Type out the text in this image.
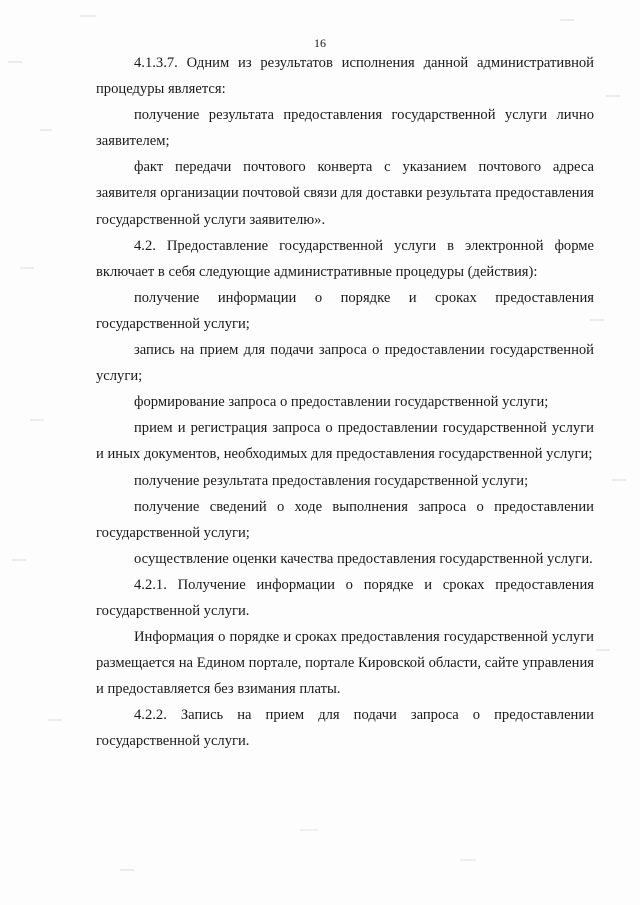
16

4.1.3.7. Одним из результатов исполнения данной административной процедуры является:

получение результата предоставления государственной услуги лично заявителем;

факт передачи почтового конверта с указанием почтового адреса заявителя организации почтовой связи для доставки результата предоставления государственной услуги заявителю».

4.2. Предоставление государственной услуги в электронной форме включает в себя следующие административные процедуры (действия):

получение информации о порядке и сроках предоставления государственной услуги;

запись на прием для подачи запроса о предоставлении государственной услуги;

формирование запроса о предоставлении государственной услуги;

прием и регистрация запроса о предоставлении государственной услуги и иных документов, необходимых для предоставления государственной услуги;

получение результата предоставления государственной услуги;

получение сведений о ходе выполнения запроса о предоставлении государственной услуги;

осуществление оценки качества предоставления государственной услуги.

4.2.1. Получение информации о порядке и сроках предоставления государственной услуги.

Информация о порядке и сроках предоставления государственной услуги размещается на Едином портале, портале Кировской области, сайте управления и предоставляется без взимания платы.

4.2.2. Запись на прием для подачи запроса о предоставлении государственной услуги.
